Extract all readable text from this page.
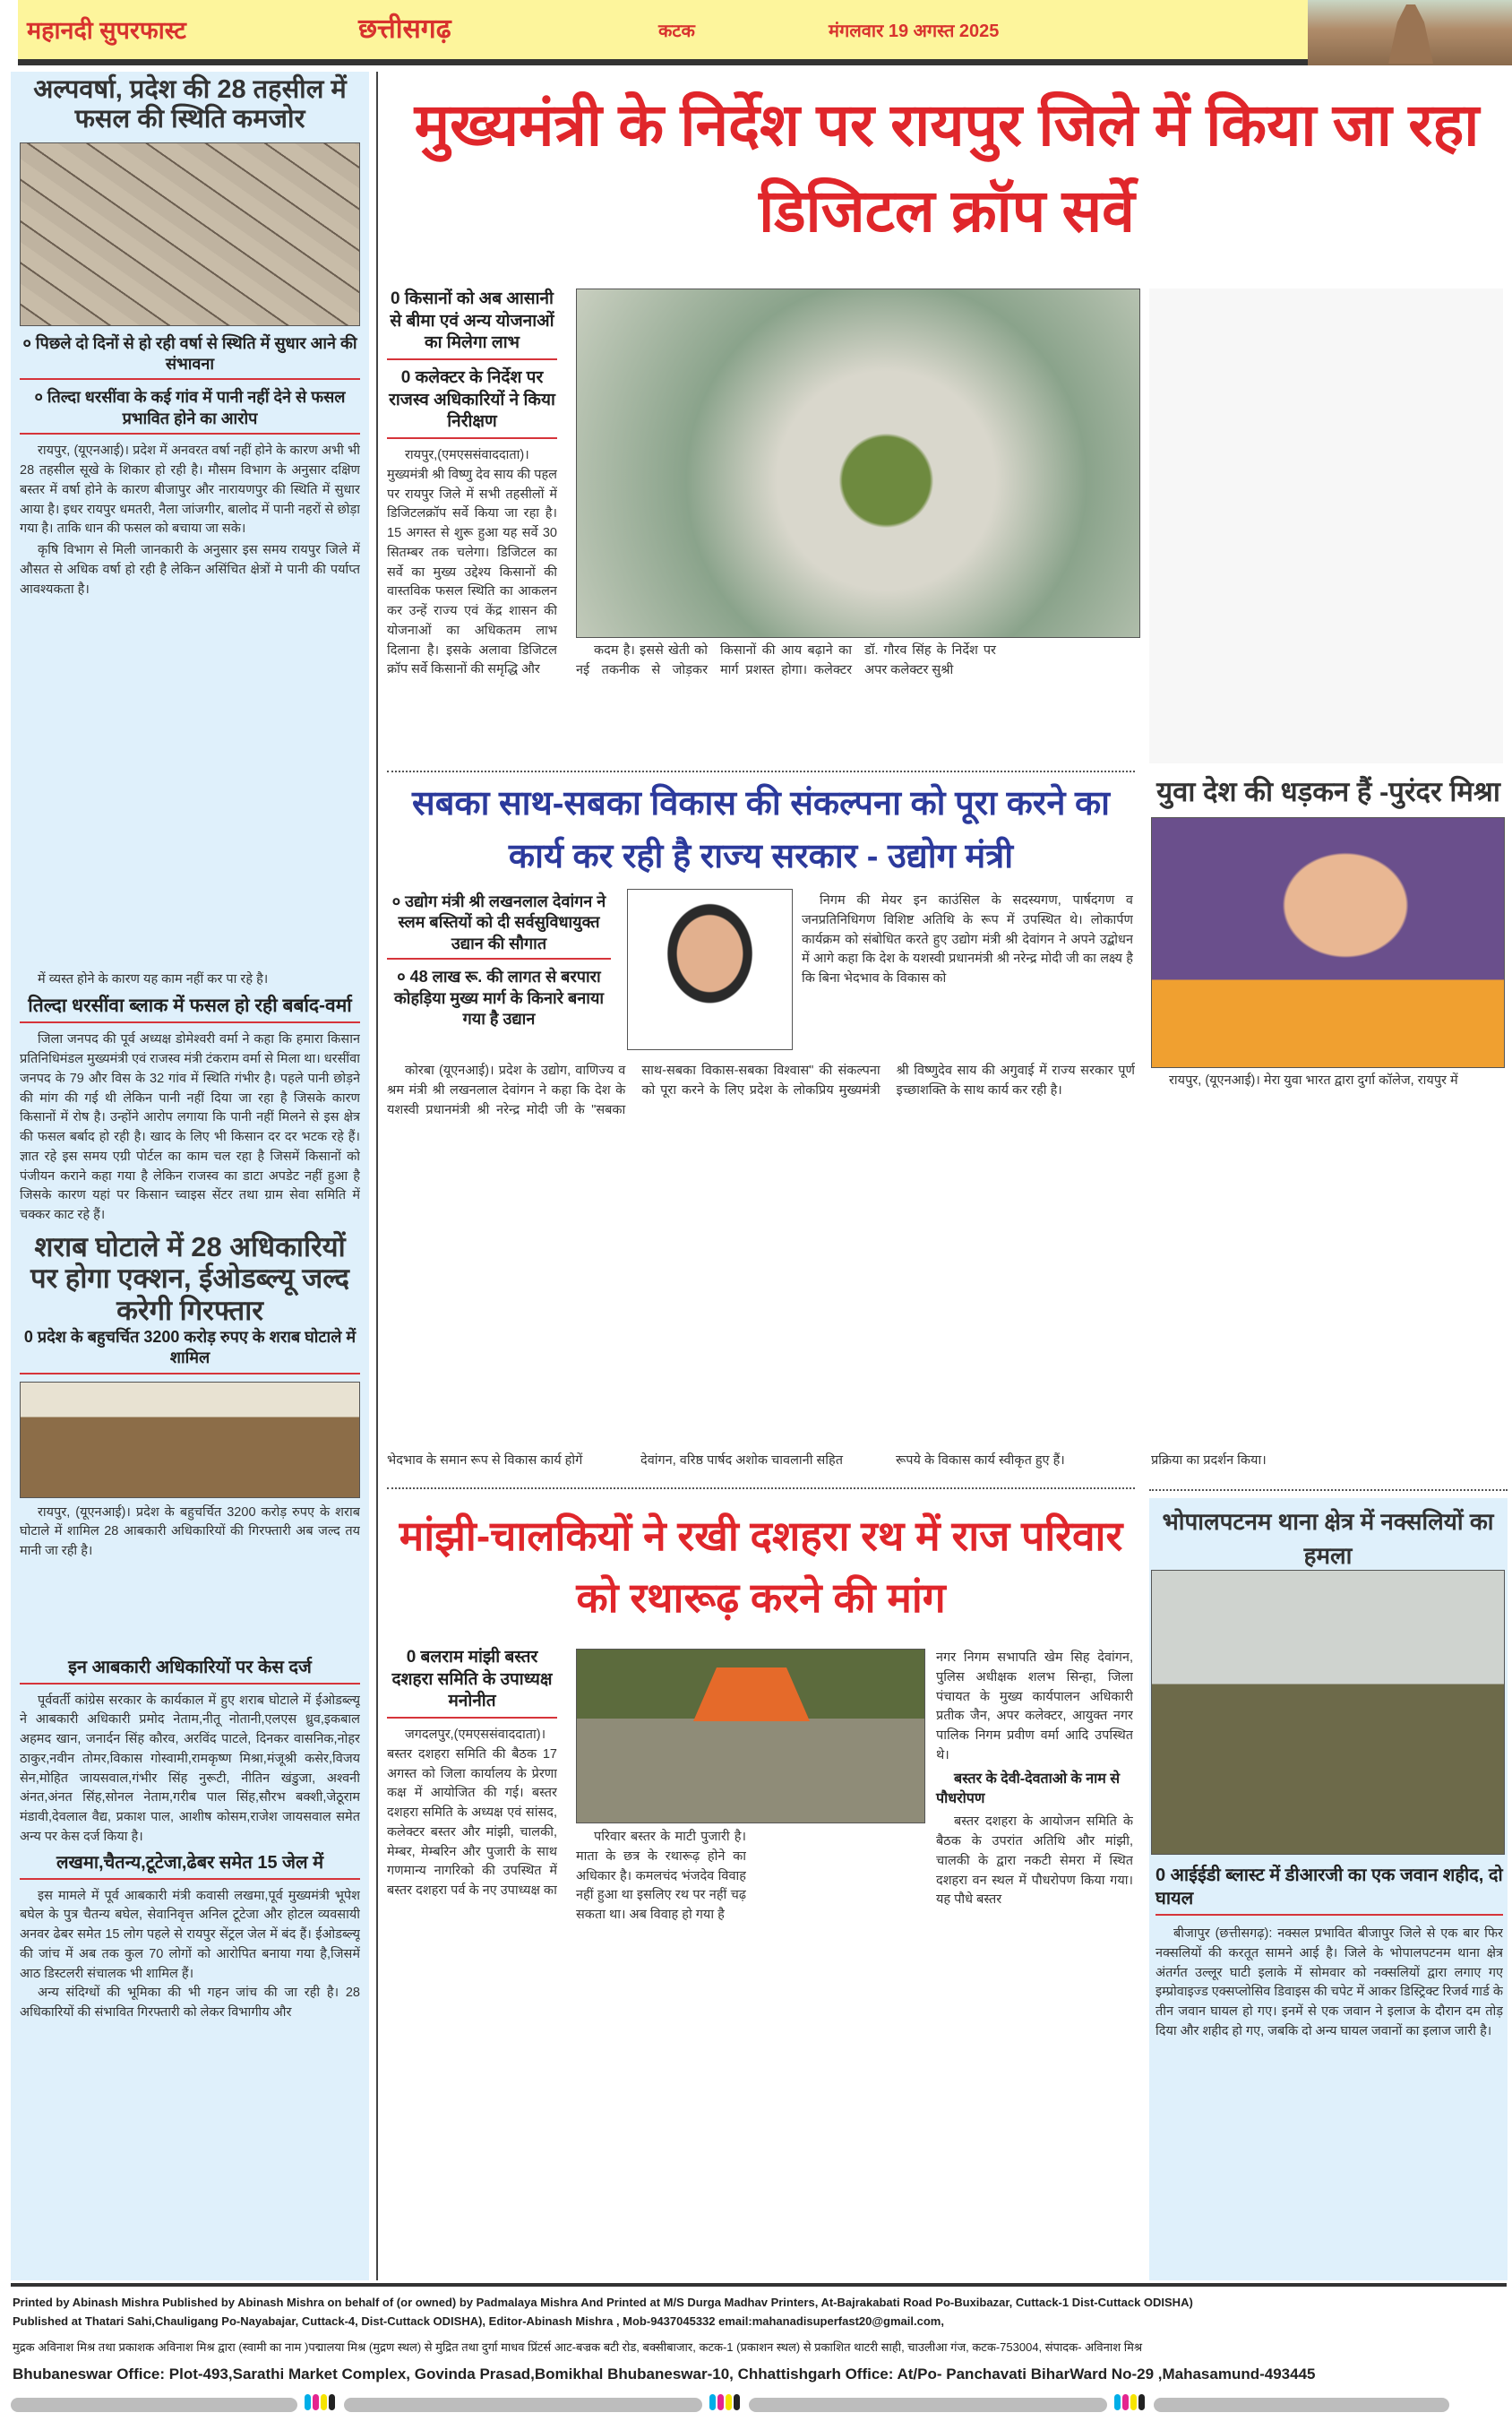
महानदी सुपरफास्ट	छत्तीसगढ़	कटक	मंगलवार 19 अगस्त 2025
अल्पवर्षा, प्रदेश की 28 तहसील में फसल की स्थिति कमजोर
० पिछले दो दिनों से हो रही वर्षा से स्थिति में सुधार आने की संभावना
० तिल्दा धरसींवा के कई गांव में पानी नहीं देने से फसल प्रभावित होने का आरोप

रायपुर, (यूएनआई)। प्रदेश में अनवरत वर्षा नहीं होने के कारण अभी भी 28 तहसील सूखे के शिकार हो रही है। मौसम विभाग के अनुसार दक्षिण बस्तर में वर्षा होने के कारण बीजापुर और नारायणपुर की स्थिति में सुधार आया है। इधर रायपुर धमतरी, नैला जांजगीर, बालोद में पानी नहरों से छोड़ा गया है। ताकि धान की फसल को बचाया जा सके।

कृषि विभाग से मिली जानकारी के अनुसार इस समय रायपुर जिले में औसत से अधिक वर्षा हो रही है लेकिन असिंचित क्षेत्रों मे पानी की पर्याप्त आवश्यकता है।

में व्यस्त होने के कारण यह काम नहीं कर पा रहे है।
तिल्दा धरसींवा ब्लाक में फसल हो रही बर्बाद-वर्मा
जिला जनपद की पूर्व अध्यक्ष डोमेश्वरी वर्मा ने कहा कि हमारा किसान प्रतिनिधिमंडल मुख्यमंत्री एवं राजस्व मंत्री टंकराम वर्मा से मिला था। धरसींवा जनपद के 79 और विस के 32 गांव में स्थिति गंभीर है। पहले पानी छोड़ने की मांग की गई थी लेकिन पानी नहीं दिया जा रहा है जिसके कारण किसानों में रोष है। उन्होंने आरोप लगाया कि पानी नहीं मिलने से इस क्षेत्र की फसल बर्बाद हो रही है। खाद के लिए भी किसान दर दर भटक रहे हैं। ज्ञात रहे इस समय एग्री पोर्टल का काम चल रहा है जिसमें किसानों को पंजीयन कराने कहा गया है लेकिन राजस्व का डाटा अपडेट नहीं हुआ है जिसके कारण यहां पर किसान च्वाइस सेंटर तथा ग्राम सेवा समिति में चक्कर काट रहे हैं।
शराब घोटाले में 28 अधिकारियों पर होगा एक्शन, ईओडब्ल्यू जल्द करेगी गिरफ्तार
0 प्रदेश के बहुचर्चित 3200 करोड़ रुपए के शराब घोटाले में शामिल
रायपुर, (यूएनआई)। प्रदेश के बहुचर्चित 3200 करोड़ रुपए के शराब घोटाले में शामिल 28 आबकारी अधिकारियों की गिरफ्तारी अब जल्द तय मानी जा रही है।
इन आबकारी अधिकारियों पर केस दर्ज
पूर्ववर्ती कांग्रेस सरकार के कार्यकाल में हुए शराब घोटाले में ईओडब्ल्यू ने आबकारी अधिकारी प्रमोद नेताम,नीतू नोतानी,एलएस ध्रुव,इकबाल अहमद खान, जनार्दन सिंह कौरव, अरविंद पाटले, दिनकर वासनिक,नोहर ठाकुर,नवीन तोमर,विकास गोस्वामी,रामकृष्ण मिश्रा,मंजूश्री कसेर,विजय सेन,मोहित जायसवाल,गंभीर सिंह नुरूटी, नीतिन खंडुजा, अश्वनी अंनत,अंनत सिंह,सोनल नेताम,गरीब पाल सिंह,सौरभ बक्शी,जेठूराम मंडावी,देवलाल वैद्य, प्रकाश पाल, आशीष कोसम,राजेश जायसवाल समेत अन्य पर केस दर्ज किया है।
लखमा,चैतन्य,टूटेजा,ढेबर समेत 15 जेल में
इस मामले में पूर्व आबकारी मंत्री कवासी लखमा,पूर्व मुख्यमंत्री भूपेश बघेल के पुत्र चैतन्य बघेल, सेवानिवृत्त अनिल टूटेजा और होटल व्यवसायी अनवर ढेबर समेत 15 लोग पहले से रायपुर सेंट्रल जेल में बंद हैं। ईओडब्ल्यू की जांच में अब तक कुल 70 लोगों को आरोपित बनाया गया है,जिसमें आठ डिस्टलरी संचालक भी शामिल हैं।
अन्य संदिग्धों की भूमिका की भी गहन जांच की जा रही है। 28 अधिकारियों की संभावित गिरफ्तारी को लेकर विभागीय और
मुख्यमंत्री के निर्देश पर रायपुर जिले में किया जा रहा डिजिटल क्रॉप सर्वे
0 किसानों को अब आसानी से बीमा एवं अन्य योजनाओं का मिलेगा लाभ
0 कलेक्टर के निर्देश पर राजस्व अधिकारियों ने किया निरीक्षण
रायपुर,(एमएससंवाददाता)। मुख्यमंत्री श्री विष्णु देव साय की पहल पर रायपुर जिले में सभी तहसीलों में डिजिटलक्रॉप सर्वे किया जा रहा है। 15 अगस्त से शुरू हुआ यह सर्वे 30 सितम्बर तक चलेगा। डिजिटल का सर्वे का मुख्य उद्देश्य किसानों की वास्तविक फसल स्थिति का आकलन कर उन्हें राज्य एवं केंद्र शासन की योजनाओं का अधिकतम लाभ दिलाना है। इसके अलावा डिजिटल क्रॉप सर्वे किसानों की समृद्धि और
कदम है। इससे खेती को नई तकनीक से जोड़कर किसानों की आय बढ़ाने का मार्ग प्रशस्त होगा। कलेक्टर डॉ. गौरव सिंह के निर्देश पर अपर कलेक्टर सुश्री
सबका साथ-सबका विकास की संकल्पना को पूरा करने का कार्य कर रही है राज्य सरकार - उद्योग मंत्री
० उद्योग मंत्री श्री लखनलाल देवांगन ने स्लम बस्तियों को दी सर्वसुविधायुक्त उद्यान की सौगात
० 48 लाख रू. की लागत से बरपारा कोहड़िया मुख्य मार्ग के किनारे बनाया गया है उद्यान
निगम की मेयर इन काउंसिल के सदस्यगण, पार्षदगण व जनप्रतिनिधिगण विशिष्ट अतिथि के रूप में उपस्थित थे। लोकार्पण कार्यक्रम को संबोधित करते हुए उद्योग मंत्री श्री देवांगन ने अपने उद्बोधन में आगे कहा कि देश के यशस्वी प्रधानमंत्री श्री नरेन्द्र मोदी जी का लक्ष्य है कि बिना भेदभाव के विकास को
कोरबा (यूएनआई)। प्रदेश के उद्योग, वाणिज्य व श्रम मंत्री श्री लखनलाल देवांगन ने कहा कि देश के यशस्वी प्रधानमंत्री श्री नरेन्द्र मोदी जी के "सबका साथ-सबका विकास-सबका विश्वास" की संकल्पना को पूरा करने के लिए प्रदेश के लोकप्रिय मुख्यमंत्री श्री विष्णुदेव साय की अगुवाई में राज्य सरकार पूर्ण इच्छाशक्ति के साथ कार्य कर रही है।
भेदभाव के समान रूप से विकास कार्य होगें	देवांगन, वरिष्ठ पार्षद अशोक चावलानी सहित	रूपये के विकास कार्य स्वीकृत हुए हैं।
युवा देश की धड़कन हैं -पुरंदर मिश्रा
रायपुर, (यूएनआई)। मेरा युवा भारत द्वारा दुर्गा कॉलेज, रायपुर में
प्रक्रिया का प्रदर्शन किया।
मांझी-चालकियों ने रखी दशहरा रथ में राज परिवार को रथारूढ़ करने की मांग
0 बलराम मांझी बस्तर दशहरा समिति के उपाध्यक्ष मनोनीत
जगदलपुर,(एमएससंवाददाता)। बस्तर दशहरा समिति की बैठक 17 अगस्त को जिला कार्यालय के प्रेरणा कक्ष में आयोजित की गई। बस्तर दशहरा समिति के अध्यक्ष एवं सांसद, कलेक्टर बस्तर और मांझी, चालकी, मेम्बर, मेम्बरिन और पुजारी के साथ गणमान्य नागरिको की उपस्थित में बस्तर दशहरा पर्व के नए उपाध्यक्ष का
परिवार बस्तर के माटी पुजारी है।माता के छत्र के रथारूढ़ होने का अधिकार है। कमलचंद भंजदेव विवाह नहीं हुआ था इसलिए रथ पर नहीं चढ़ सकता था। अब विवाह हो गया है
नगर निगम सभापति खेम सिह देवांगन, पुलिस अधीक्षक शलभ सिन्हा, जिला पंचायत के मुख्य कार्यपालन अधिकारी प्रतीक जैन, अपर कलेक्टर, आयुक्त नगर पालिक निगम प्रवीण वर्मा आदि उपस्थित थे।
बस्तर के देवी-देवताओ के नाम से पौधरोपण
बस्तर दशहरा के आयोजन समिति के बैठक के उपरांत अतिथि और मांझी, चालकी के द्वारा नकटी सेमरा में स्थित दशहरा वन स्थल में पौधरोपण किया गया। यह पौधे बस्तर
भोपालपटनम थाना क्षेत्र में नक्सलियों का हमला
0 आईईडी ब्लास्ट में डीआरजी का एक जवान शहीद, दो घायल
बीजापुर (छत्तीसगढ़): नक्सल प्रभावित बीजापुर जिले से एक बार फिर नक्सलियों की करतूत सामने आई है। जिले के भोपालपटनम थाना क्षेत्र अंतर्गत उल्लूर घाटी इलाके में सोमवार को नक्सलियों द्वारा लगाए गए इम्प्रोवाइज्ड एक्सप्लोसिव डिवाइस की चपेट में आकर डिस्ट्रिक्ट रिजर्व गार्ड के तीन जवान घायल हो गए। इनमें से एक जवान ने इलाज के दौरान दम तोड़ दिया और शहीद हो गए, जबकि दो अन्य घायल जवानों का इलाज जारी है।
Printed by Abinash Mishra Published by Abinash Mishra on behalf of (or owned) by Padmalaya Mishra And Printed at M/S Durga Madhav Printers, At-Bajrakabati Road Po-Buxibazar, Cuttack-1 Dist-Cuttack ODISHA)
Published at Thatari Sahi,Chauligang Po-Nayabajar, Cuttack-4, Dist-Cuttack ODISHA), Editor-Abinash Mishra , Mob-9437045332 email:mahanadisuperfast20@gmail.com,
मुद्रक अविनाश मिश्र तथा प्रकाशक अविनाश मिश्र द्वारा (स्वामी का नाम )पद्मालया मिश्र (मुद्रण स्थल) से मुद्रित तथा दुर्गा माधव प्रिंटर्स आट-बज्रक बटी रोड, बक्सीबाजार, कटक-1 (प्रकाशन स्थल) से प्रकाशित थाटरी साही, चाउलीआ गंज, कटक-753004, संपादक- अविनाश मिश्र
Bhubaneswar Office: Plot-493,Sarathi Market Complex, Govinda Prasad,Bomikhal Bhubaneswar-10, Chhattishgarh Office: At/Po- Panchavati BiharWard No-29 ,Mahasamund-493445
